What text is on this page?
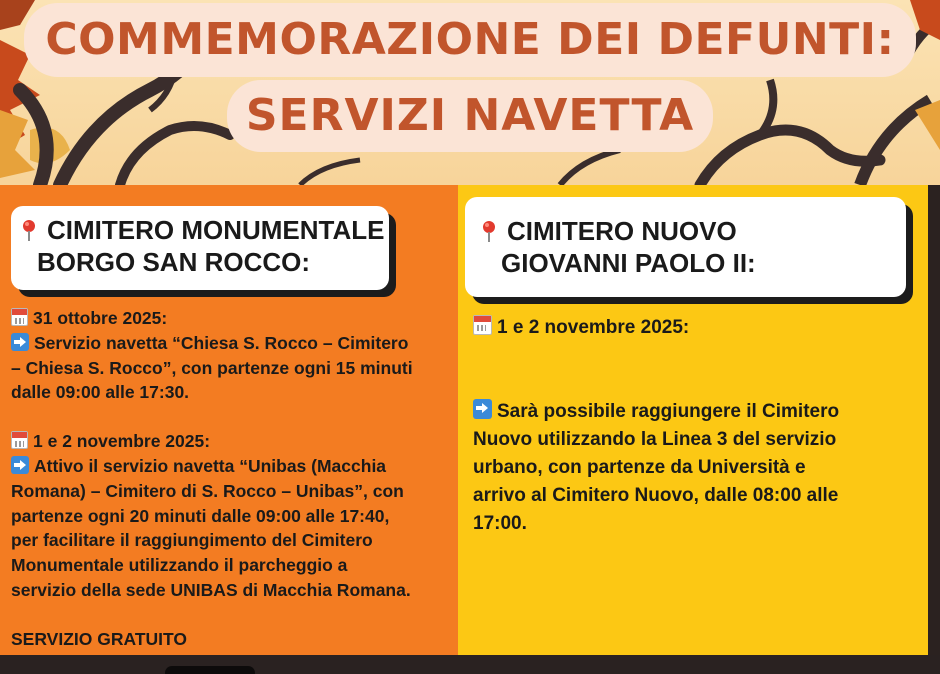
COMMEMORAZIONE DEI DEFUNTI:
SERVIZI NAVETTA
CIMITERO MONUMENTALE
BORGO SAN ROCCO:
CIMITERO NUOVO
GIOVANNI PAOLO II:
31 ottobre 2025:
Servizio navetta “Chiesa S. Rocco – Cimitero
– Chiesa S. Rocco”, con partenze ogni 15 minuti
dalle 09:00 alle 17:30.
1 e 2 novembre 2025:
Attivo il servizio navetta “Unibas (Macchia
Romana) – Cimitero di S. Rocco – Unibas”, con
partenze ogni 20 minuti dalle 09:00 alle 17:40,
per facilitare il raggiungimento del Cimitero
Monumentale utilizzando il parcheggio a
servizio della sede UNIBAS di Macchia Romana.
SERVIZIO GRATUITO
1 e 2 novembre 2025:
Sarà possibile raggiungere il Cimitero
Nuovo utilizzando la Linea 3 del servizio
urbano, con partenze da Università e
arrivo al Cimitero Nuovo, dalle 08:00 alle
17:00.
